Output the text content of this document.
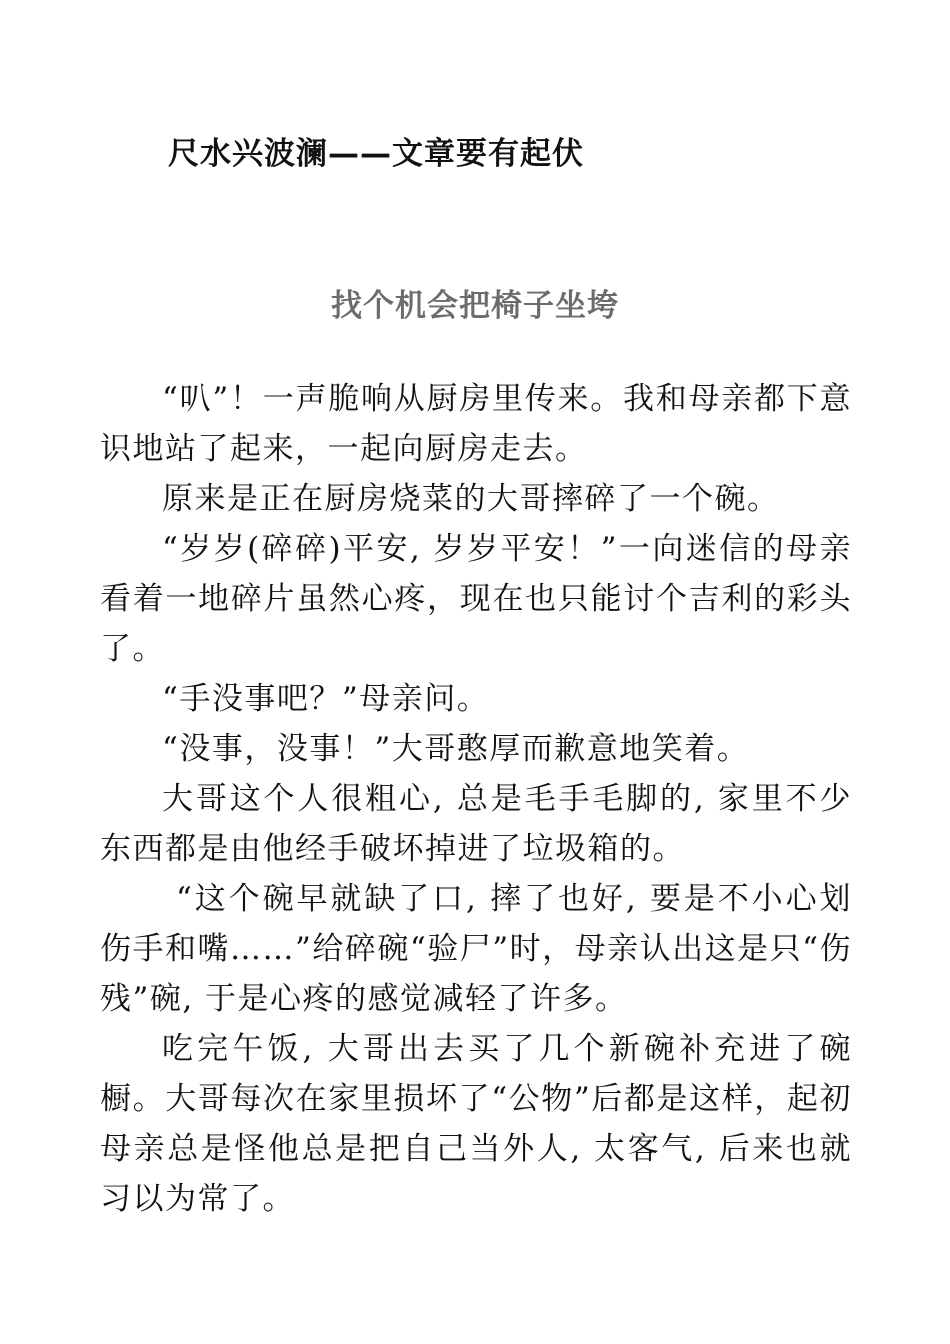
尺水兴波澜——文章要有起伏
找个机会把椅子坐垮

“叭”！一声脆响从厨房里传来。我和母亲都下意识地站了起来，一起向厨房走去。

原来是正在厨房烧菜的大哥摔碎了一个碗。

“岁岁(碎碎)平安, 岁岁平安！”一向迷信的母亲看着一地碎片虽然心疼，现在也只能讨个吉利的彩头了。

“手没事吧？”母亲问。

“没事，没事！”大哥憨厚而歉意地笑着。

大哥这个人很粗心, 总是毛手毛脚的, 家里不少东西都是由他经手破坏掉进了垃圾箱的。

“这个碗早就缺了口, 摔了也好, 要是不小心划伤手和嘴……”给碎碗“验尸”时，母亲认出这是只“伤残”碗, 于是心疼的感觉减轻了许多。

吃完午饭, 大哥出去买了几个新碗补充进了碗橱。大哥每次在家里损坏了“公物”后都是这样，起初母亲总是怪他总是把自己当外人, 太客气, 后来也就习以为常了。
